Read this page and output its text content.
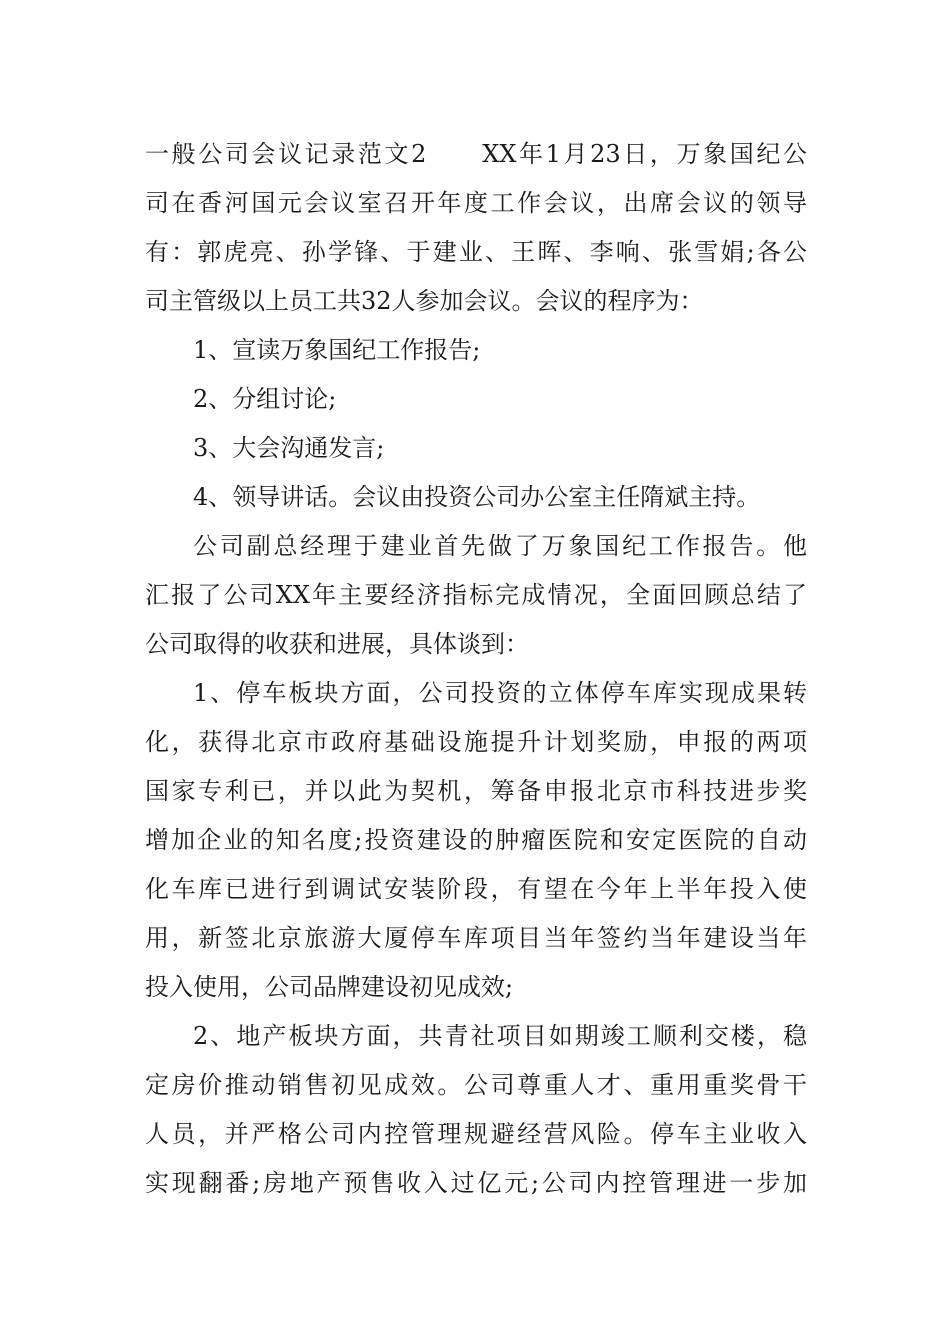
一般公司会议记录范文2　　XX年1月23日，万象国纪公
司在香河国元会议室召开年度工作会议，出席会议的领导
有：郭虎亮、孙学锋、于建业、王晖、李响、张雪娟;各公
司主管级以上员工共32人参加会议。会议的程序为：
1、宣读万象国纪工作报告;
2、分组讨论;
3、大会沟通发言;
4、领导讲话。会议由投资公司办公室主任隋斌主持。
公司副总经理于建业首先做了万象国纪工作报告。他
汇报了公司XX年主要经济指标完成情况，全面回顾总结了
公司取得的收获和进展，具体谈到：
1、停车板块方面，公司投资的立体停车库实现成果转
化，获得北京市政府基础设施提升计划奖励，申报的两项
国家专利已，并以此为契机，筹备申报北京市科技进步奖
增加企业的知名度;投资建设的肿瘤医院和安定医院的自动
化车库已进行到调试安装阶段，有望在今年上半年投入使
用，新签北京旅游大厦停车库项目当年签约当年建设当年
投入使用，公司品牌建设初见成效;
2、地产板块方面，共青社项目如期竣工顺利交楼，稳
定房价推动销售初见成效。公司尊重人才、重用重奖骨干
人员，并严格公司内控管理规避经营风险。停车主业收入
实现翻番;房地产预售收入过亿元;公司内控管理进一步加
